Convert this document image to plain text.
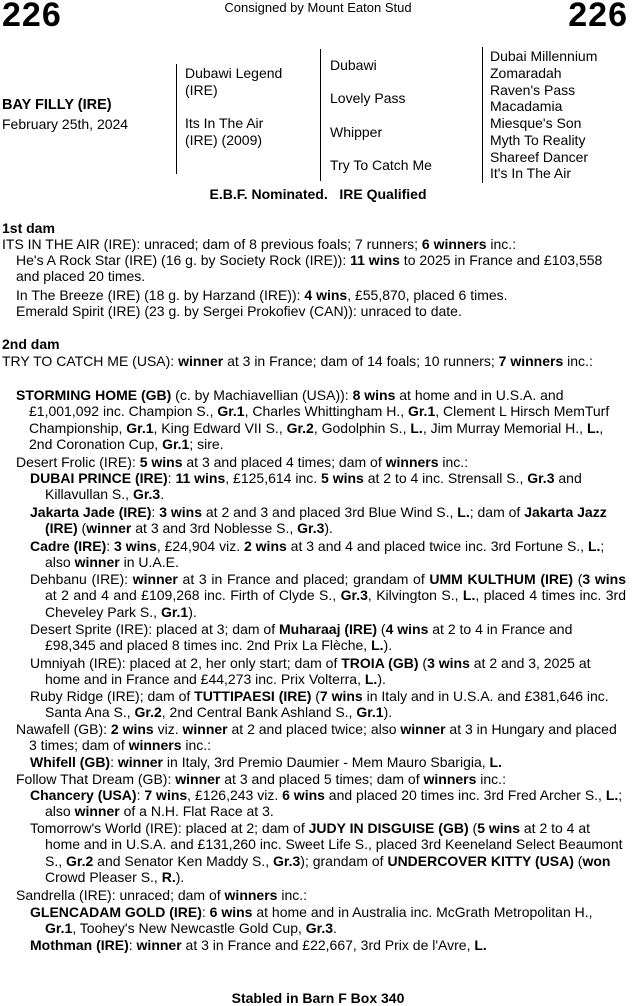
226	Consigned by Mount Eaton Stud	226
BAY FILLY (IRE)
February 25th, 2024
Dubawi Legend (IRE)
Its In The Air (IRE) (2009)
Dubawi
Lovely Pass
Whipper
Try To Catch Me
Dubai Millennium
Zomaradah
Raven's Pass
Macadamia
Miesque's Son
Myth To Reality
Shareef Dancer
It's In The Air
E.B.F. Nominated.   IRE Qualified
1st dam

ITS IN THE AIR (IRE): unraced; dam of 8 previous foals; 7 runners; 6 winners inc.:

He's A Rock Star (IRE) (16 g. by Society Rock (IRE)): 11 wins to 2025 in France and £103,558 and placed 20 times.

In The Breeze (IRE) (18 g. by Harzand (IRE)): 4 wins, £55,870, placed 6 times.

Emerald Spirit (IRE) (23 g. by Sergei Prokofiev (CAN)): unraced to date.

2nd dam

TRY TO CATCH ME (USA): winner at 3 in France; dam of 14 foals; 10 runners; 7 winners inc.:

STORMING HOME (GB) (c. by Machiavellian (USA)): 8 wins at home and in U.S.A. and £1,001,092 inc. Champion S., Gr.1, Charles Whittingham H., Gr.1, Clement L Hirsch MemTurf Championship, Gr.1, King Edward VII S., Gr.2, Godolphin S., L., Jim Murray Memorial H., L., 2nd Coronation Cup, Gr.1; sire.

Desert Frolic (IRE): 5 wins at 3 and placed 4 times; dam of winners inc.:

DUBAI PRINCE (IRE): 11 wins, £125,614 inc. 5 wins at 2 to 4 inc. Strensall S., Gr.3 and Killavullan S., Gr.3.

Jakarta Jade (IRE): 3 wins at 2 and 3 and placed 3rd Blue Wind S., L.; dam of Jakarta Jazz (IRE) (winner at 3 and 3rd Noblesse S., Gr.3).

Cadre (IRE): 3 wins, £24,904 viz. 2 wins at 3 and 4 and placed twice inc. 3rd Fortune S., L.; also winner in U.A.E.

Dehbanu (IRE): winner at 3 in France and placed; grandam of UMM KULTHUM (IRE) (3 wins at 2 and 4 and £109,268 inc. Firth of Clyde S., Gr.3, Kilvington S., L., placed 4 times inc. 3rd Cheveley Park S., Gr.1).

Desert Sprite (IRE): placed at 3; dam of Muharaaj (IRE) (4 wins at 2 to 4 in France and £98,345 and placed 8 times inc. 2nd Prix La Flèche, L.).

Umniyah (IRE): placed at 2, her only start; dam of TROIA (GB) (3 wins at 2 and 3, 2025 at home and in France and £44,273 inc. Prix Volterra, L.).

Ruby Ridge (IRE); dam of TUTTIPAESI (IRE) (7 wins in Italy and in U.S.A. and £381,646 inc. Santa Ana S., Gr.2, 2nd Central Bank Ashland S., Gr.1).

Nawafell (GB): 2 wins viz. winner at 2 and placed twice; also winner at 3 in Hungary and placed 3 times; dam of winners inc.:

Whifell (GB): winner in Italy, 3rd Premio Daumier - Mem Mauro Sbarigia, L.

Follow That Dream (GB): winner at 3 and placed 5 times; dam of winners inc.:

Chancery (USA): 7 wins, £126,243 viz. 6 wins and placed 20 times inc. 3rd Fred Archer S., L.; also winner of a N.H. Flat Race at 3.

Tomorrow's World (IRE): placed at 2; dam of JUDY IN DISGUISE (GB) (5 wins at 2 to 4 at home and in U.S.A. and £131,260 inc. Sweet Life S., placed 3rd Keeneland Select Beaumont S., Gr.2 and Senator Ken Maddy S., Gr.3); grandam of UNDERCOVER KITTY (USA) (won Crowd Pleaser S., R.).

Sandrella (IRE): unraced; dam of winners inc.:

GLENCADAM GOLD (IRE): 6 wins at home and in Australia inc. McGrath Metropolitan H., Gr.1, Toohey's New Newcastle Gold Cup, Gr.3.

Mothman (IRE): winner at 3 in France and £22,667, 3rd Prix de l'Avre, L.

Stabled in Barn F Box 340
